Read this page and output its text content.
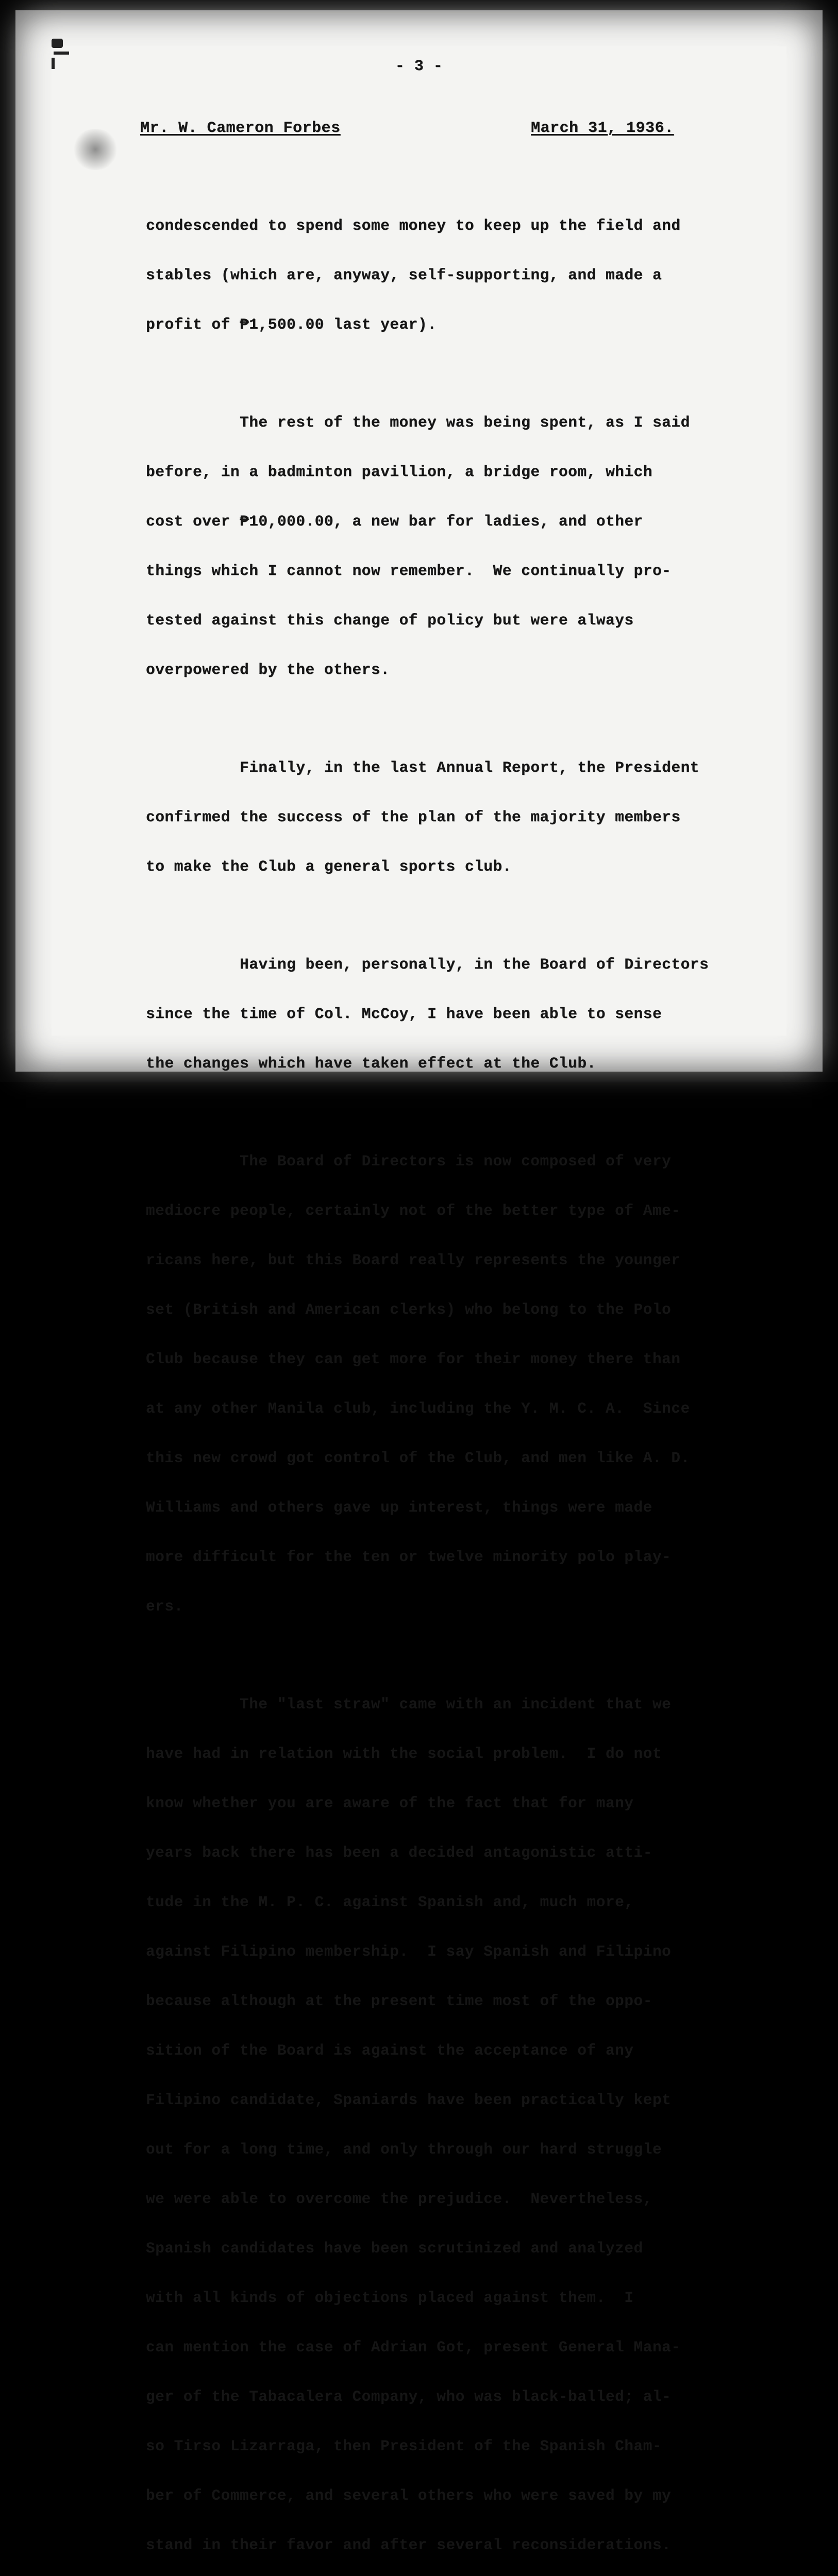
- 3 -
Mr. W. Cameron Forbes	March 31, 1936.

condescended to spend some money to keep up the field and

stables (which are, anyway, self-supporting, and made a

profit of ₱1,500.00 last year).

The rest of the money was being spent, as I said

before, in a badminton pavillion, a bridge room, which

cost over ₱10,000.00, a new bar for ladies, and other

things which I cannot now remember.  We continually pro-

tested against this change of policy but were always

overpowered by the others.

Finally, in the last Annual Report, the President

confirmed the success of the plan of the majority members

to make the Club a general sports club.

Having been, personally, in the Board of Directors

since the time of Col. McCoy, I have been able to sense

the changes which have taken effect at the Club.

The Board of Directors is now composed of very

mediocre people, certainly not of the better type of Ame-

ricans here, but this Board really represents the younger

set (British and American clerks) who belong to the Polo

Club because they can get more for their money there than

at any other Manila club, including the Y. M. C. A.  Since

this new crowd got control of the Club, and men like A. D.

Williams and others gave up interest, things were made

more difficult for the ten or twelve minority polo play-

ers.

The "last straw" came with an incident that we

have had in relation with the social problem.  I do not

know whether you are aware of the fact that for many

years back there has been a decided antagonistic atti-

tude in the M. P. C. against Spanish and, much more,

against Filipino membership.  I say Spanish and Filipino

because although at the present time most of the oppo-

sition of the Board is against the acceptance of any

Filipino candidate, Spaniards have been practically kept

out for a long time, and only through our hard struggle

we were able to overcome the prejudice.  Nevertheless,

Spanish candidates have been scrutinized and analyzed

with all kinds of objections placed against them.  I

can mention the case of Adrian Got, present General Mana-

ger of the Tabacalera Company, who was black-balled; al-

so Tirso Lizarraga, then President of the Spanish Cham-

ber of Commerce, and several others who were saved by my

stand in their favor and after several reconsiderations.
